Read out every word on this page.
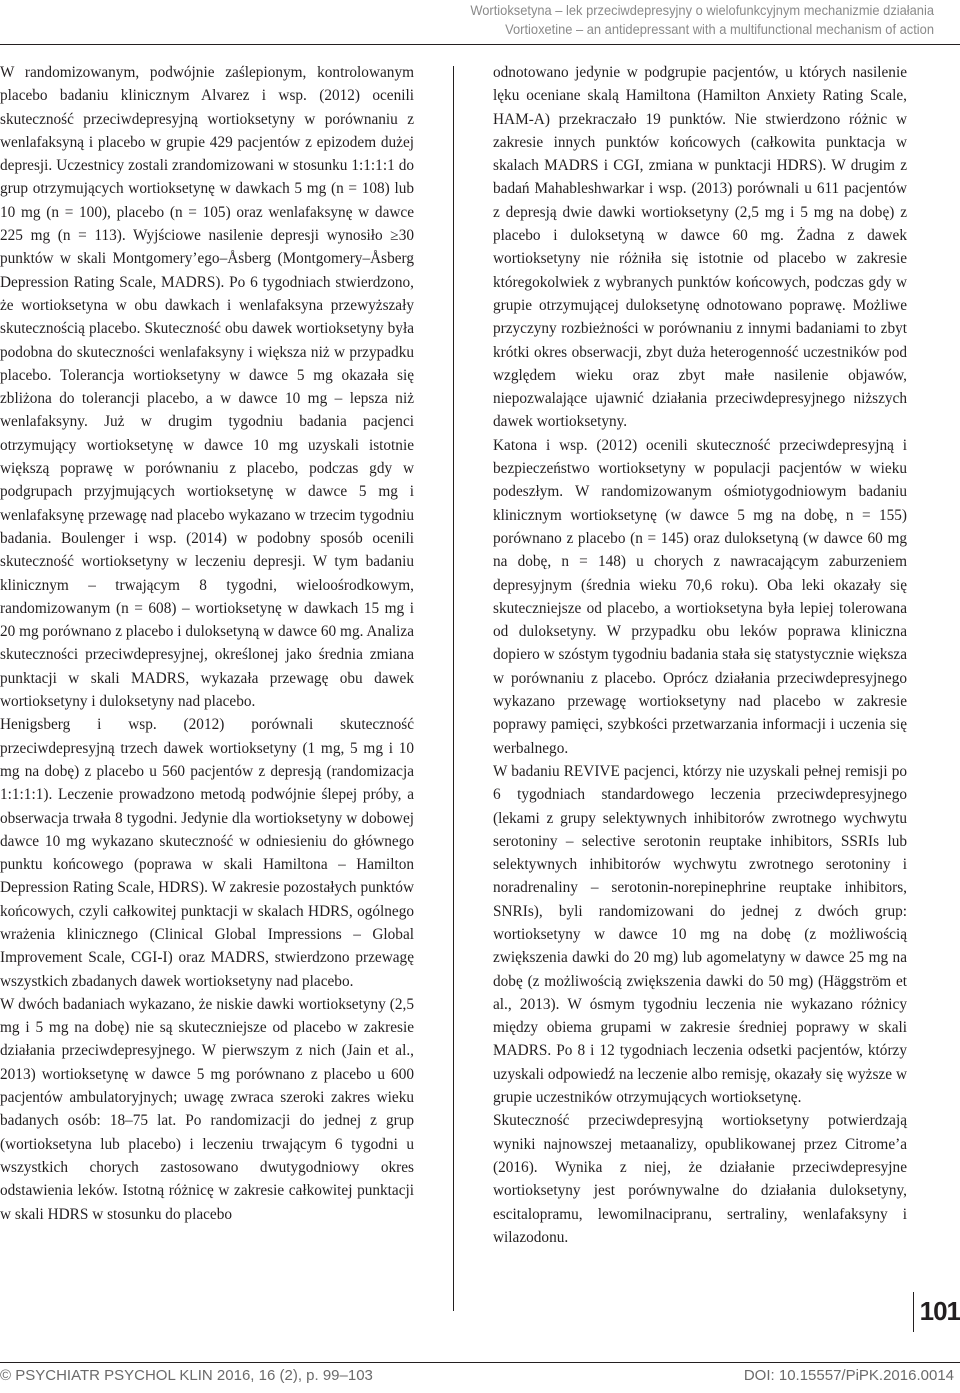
Wortioksetyna – lek przeciwdepresyjny o wielofunkcyjnym mechanizmie działania
Vortioxetine – an antidepressant with a multifunctional mechanism of action

W randomizowanym, podwójnie zaślepionym, kontrolowanym placebo badaniu klinicznym Alvarez i wsp. (2012) ocenili skuteczność przeciwdepresyjną wortioksetyny w porównaniu z wenlafaksyną i placebo w grupie 429 pacjentów z epizodem dużej depresji. Uczestnicy zostali zrandomizowani w stosunku 1:1:1:1 do grup otrzymujących wortioksetynę w dawkach 5 mg (n = 108) lub 10 mg (n = 100), placebo (n = 105) oraz wenlafaksynę w dawce 225 mg (n = 113). Wyjściowe nasilenie depresji wynosiło ≥30 punktów w skali Montgomery’ego–Åsberg (Montgomery–Åsberg Depression Rating Scale, MADRS). Po 6 tygodniach stwierdzono, że wortioksetyna w obu dawkach i wenlafaksyna przewyższały skutecznością placebo. Skuteczność obu dawek wortioksetyny była podobna do skuteczności wenlafaksyny i większa niż w przypadku placebo. Tolerancja wortioksetyny w dawce 5 mg okazała się zbliżona do tolerancji placebo, a w dawce 10 mg – lepsza niż wenlafaksyny. Już w drugim tygodniu badania pacjenci otrzymujący wortioksetynę w dawce 10 mg uzyskali istotnie większą poprawę w porównaniu z placebo, podczas gdy w podgrupach przyjmujących wortioksetynę w dawce 5 mg i wenlafaksynę przewagę nad placebo wykazano w trzecim tygodniu badania. Boulenger i wsp. (2014) w podobny sposób ocenili skuteczność wortioksetyny w leczeniu depresji. W tym badaniu klinicznym – trwającym 8 tygodni, wieloośrodkowym, randomizowanym (n = 608) – wortioksetynę w dawkach 15 mg i 20 mg porównano z placebo i duloksetyną w dawce 60 mg. Analiza skuteczności przeciwdepresyjnej, określonej jako średnia zmiana punktacji w skali MADRS, wykazała przewagę obu dawek wortioksetyny i duloksetyny nad placebo.

Henigsberg i wsp. (2012) porównali skuteczność przeciwdepresyjną trzech dawek wortioksetyny (1 mg, 5 mg i 10 mg na dobę) z placebo u 560 pacjentów z depresją (randomizacja 1:1:1:1). Leczenie prowadzono metodą podwójnie ślepej próby, a obserwacja trwała 8 tygodni. Jedynie dla wortioksetyny w dobowej dawce 10 mg wykazano skuteczność w odniesieniu do głównego punktu końcowego (poprawa w skali Hamiltona – Hamilton Depression Rating Scale, HDRS). W zakresie pozostałych punktów końcowych, czyli całkowitej punktacji w skalach HDRS, ogólnego wrażenia klinicznego (Clinical Global Impressions – Global Improvement Scale, CGI-I) oraz MADRS, stwierdzono przewagę wszystkich zbadanych dawek wortioksetyny nad placebo.

W dwóch badaniach wykazano, że niskie dawki wortioksetyny (2,5 mg i 5 mg na dobę) nie są skuteczniejsze od placebo w zakresie działania przeciwdepresyjnego. W pierwszym z nich (Jain et al., 2013) wortioksetynę w dawce 5 mg porównano z placebo u 600 pacjentów ambulatoryjnych; uwagę zwraca szeroki zakres wieku badanych osób: 18–75 lat. Po randomizacji do jednej z grup (wortioksetyna lub placebo) i leczeniu trwającym 6 tygodni u wszystkich chorych zastosowano dwutygodniowy okres odstawienia leków. Istotną różnicę w zakresie całkowitej punktacji w skali HDRS w stosunku do placebo

odnotowano jedynie w podgrupie pacjentów, u których nasilenie lęku oceniane skalą Hamiltona (Hamilton Anxiety Rating Scale, HAM-A) przekraczało 19 punktów. Nie stwierdzono różnic w zakresie innych punktów końcowych (całkowita punktacja w skalach MADRS i CGI, zmiana w punktacji HDRS). W drugim z badań Mahableshwarkar i wsp. (2013) porównali u 611 pacjentów z depresją dwie dawki wortioksetyny (2,5 mg i 5 mg na dobę) z placebo i duloksetyną w dawce 60 mg. Żadna z dawek wortioksetyny nie różniła się istotnie od placebo w zakresie któregokolwiek z wybranych punktów końcowych, podczas gdy w grupie otrzymującej duloksetynę odnotowano poprawę. Możliwe przyczyny rozbieżności w porównaniu z innymi badaniami to zbyt krótki okres obserwacji, zbyt duża heterogenność uczestników pod względem wieku oraz zbyt małe nasilenie objawów, niepozwalające ujawnić działania przeciwdepresyjnego niższych dawek wortioksetyny.

Katona i wsp. (2012) ocenili skuteczność przeciwdepresyjną i bezpieczeństwo wortioksetyny w populacji pacjentów w wieku podeszłym. W randomizowanym ośmiotygodniowym badaniu klinicznym wortioksetynę (w dawce 5 mg na dobę, n = 155) porównano z placebo (n = 145) oraz duloksetyną (w dawce 60 mg na dobę, n = 148) u chorych z nawracającym zaburzeniem depresyjnym (średnia wieku 70,6 roku). Oba leki okazały się skuteczniejsze od placebo, a wortioksetyna była lepiej tolerowana od duloksetyny. W przypadku obu leków poprawa kliniczna dopiero w szóstym tygodniu badania stała się statystycznie większa w porównaniu z placebo. Oprócz działania przeciwdepresyjnego wykazano przewagę wortioksetyny nad placebo w zakresie poprawy pamięci, szybkości przetwarzania informacji i uczenia się werbalnego.

W badaniu REVIVE pacjenci, którzy nie uzyskali pełnej remisji po 6 tygodniach standardowego leczenia przeciwdepresyjnego (lekami z grupy selektywnych inhibitorów zwrotnego wychwytu serotoniny – selective serotonin reuptake inhibitors, SSRIs lub selektywnych inhibitorów wychwytu zwrotnego serotoniny i noradrenaliny – serotonin-norepinephrine reuptake inhibitors, SNRIs), byli randomizowani do jednej z dwóch grup: wortioksetyny w dawce 10 mg na dobę (z możliwością zwiększenia dawki do 20 mg) lub agomelatyny w dawce 25 mg na dobę (z możliwością zwiększenia dawki do 50 mg) (Häggström et al., 2013). W ósmym tygodniu leczenia nie wykazano różnicy między obiema grupami w zakresie średniej poprawy w skali MADRS. Po 8 i 12 tygodniach leczenia odsetki pacjentów, którzy uzyskali odpowiedź na leczenie albo remisję, okazały się wyższe w grupie uczestników otrzymujących wortioksetynę.

Skuteczność przeciwdepresyjną wortioksetyny potwierdzają wyniki najnowszej metaanalizy, opublikowanej przez Citrome’a (2016). Wynika z niej, że działanie przeciwdepresyjne wortioksetyny jest porównywalne do działania duloksetyny, escitalopramu, lewomilnacipranu, sertraliny, wenlafaksyny i wilazodonu.

101
© PSYCHIATR PSYCHOL KLIN 2016, 16 (2), p. 99–103	DOI: 10.15557/PiPK.2016.0014
